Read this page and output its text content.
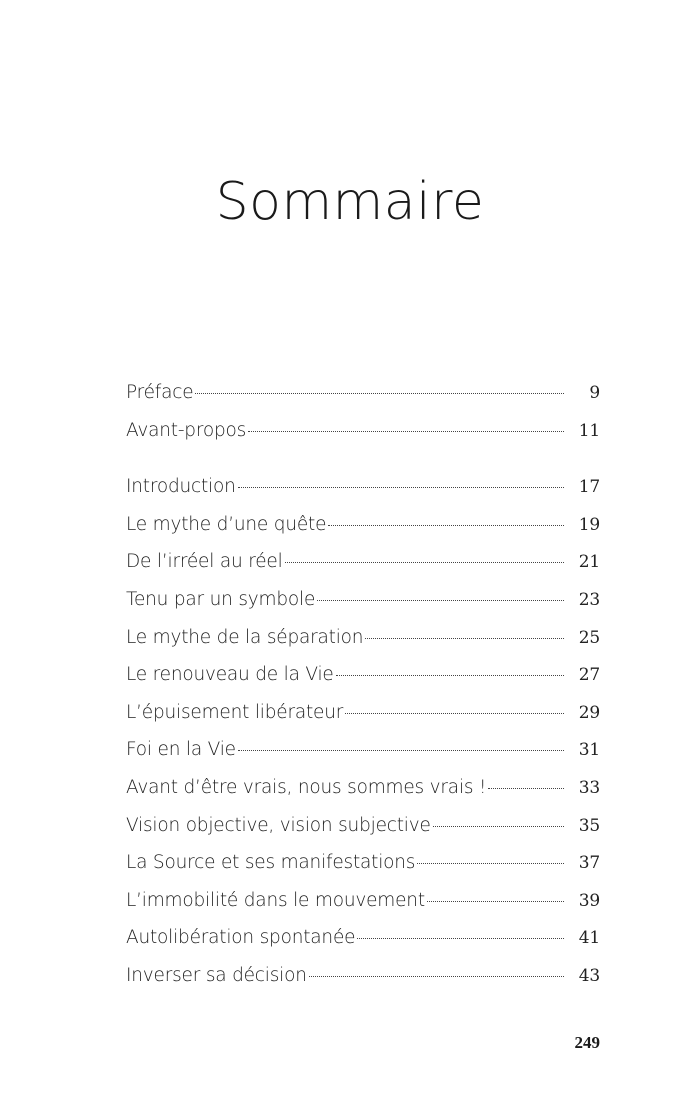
Sommaire
Préface	9
Avant-propos	11
Introduction	17
Le mythe d’une quête	19
De l’irréel au réel	21
Tenu par un symbole	23
Le mythe de la séparation	25
Le renouveau de la Vie	27
L’épuisement libérateur	29
Foi en la Vie	31
Avant d’être vrais, nous sommes vrais !	33
Vision objective, vision subjective	35
La Source et ses manifestations	37
L’immobilité dans le mouvement	39
Autolibération spontanée	41
Inverser sa décision	43
249
